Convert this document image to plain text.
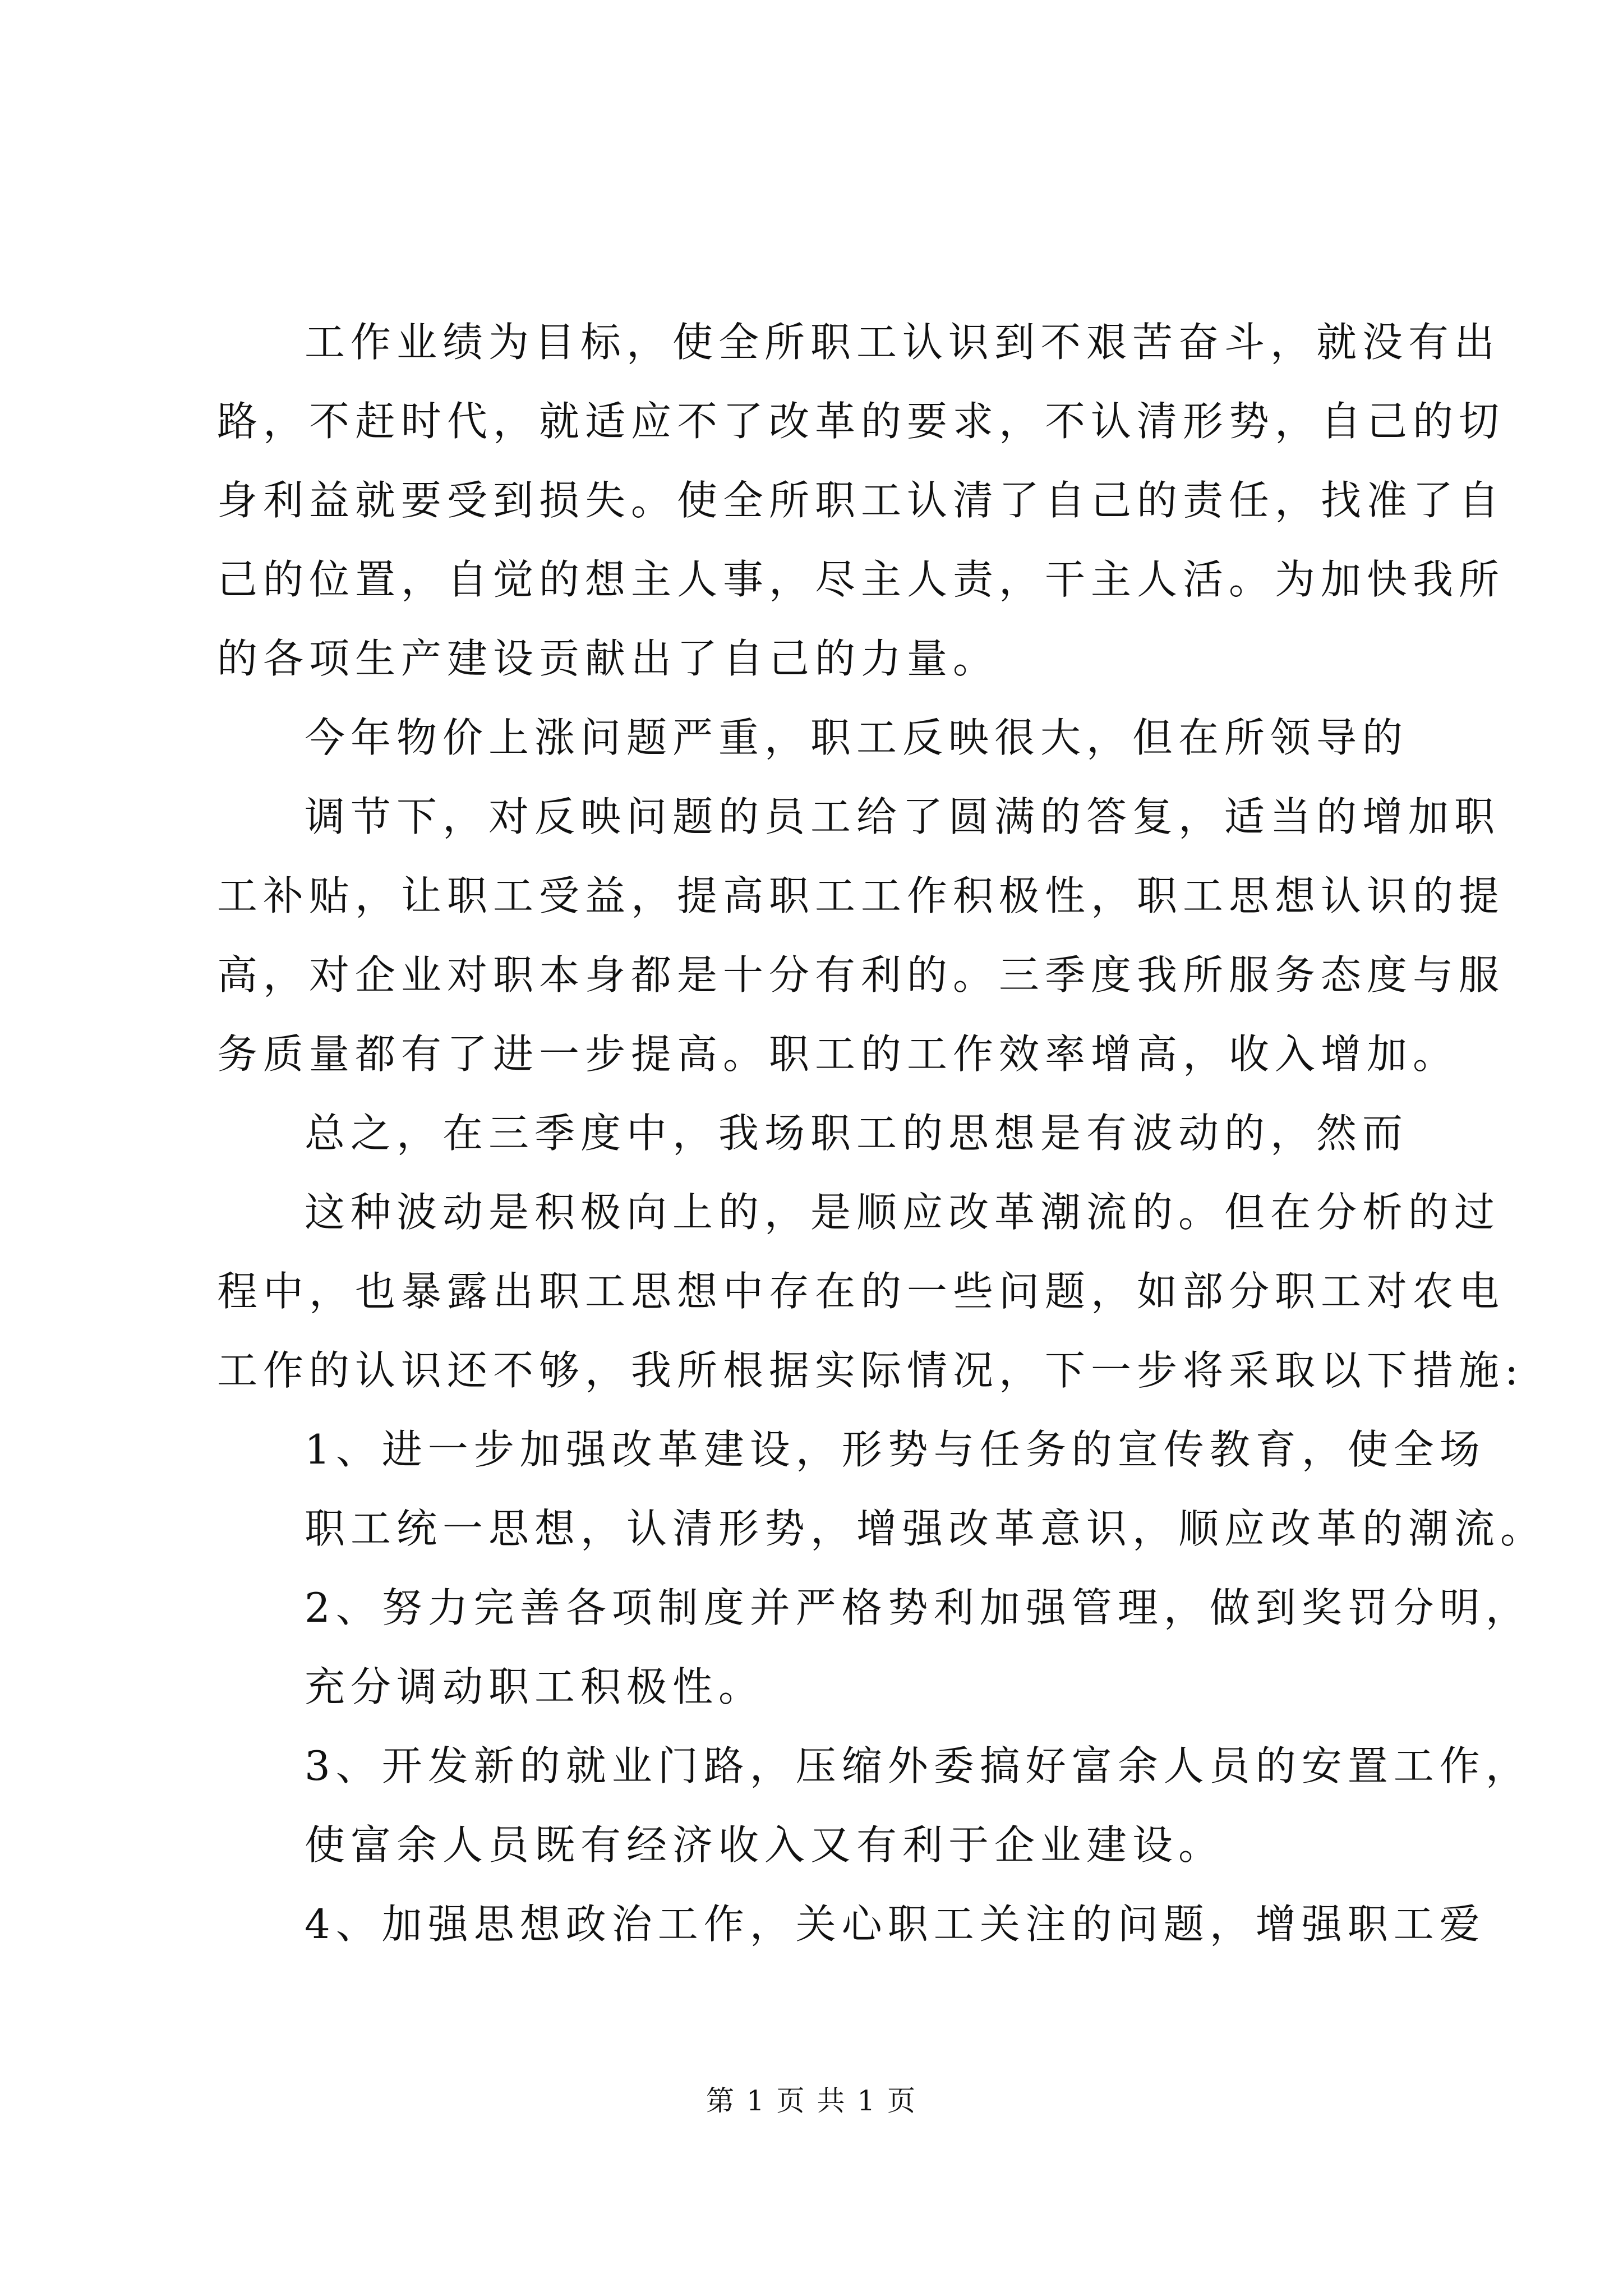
工作业绩为目标，使全所职工认识到不艰苦奋斗，就没有出
路，不赶时代，就适应不了改革的要求，不认清形势，自己的切
身利益就要受到损失。使全所职工认清了自己的责任，找准了自
己的位置，自觉的想主人事，尽主人责，干主人活。为加快我所
的各项生产建设贡献出了自己的力量。
今年物价上涨问题严重，职工反映很大，但在所领导的
调节下，对反映问题的员工给了圆满的答复，适当的增加职
工补贴，让职工受益，提高职工工作积极性，职工思想认识的提
高，对企业对职本身都是十分有利的。三季度我所服务态度与服
务质量都有了进一步提高。职工的工作效率增高，收入增加。
总之，在三季度中，我场职工的思想是有波动的，然而
这种波动是积极向上的，是顺应改革潮流的。但在分析的过
程中，也暴露出职工思想中存在的一些问题，如部分职工对农电
工作的认识还不够，我所根据实际情况，下一步将采取以下措施:
1、进一步加强改革建设，形势与任务的宣传教育，使全场
职工统一思想，认清形势，增强改革意识，顺应改革的潮流。
2、努力完善各项制度并严格势利加强管理，做到奖罚分明，
充分调动职工积极性。
3、开发新的就业门路，压缩外委搞好富余人员的安置工作，
使富余人员既有经济收入又有利于企业建设。
4、加强思想政治工作，关心职工关注的问题，增强职工爱
第 1 页 共 1 页
